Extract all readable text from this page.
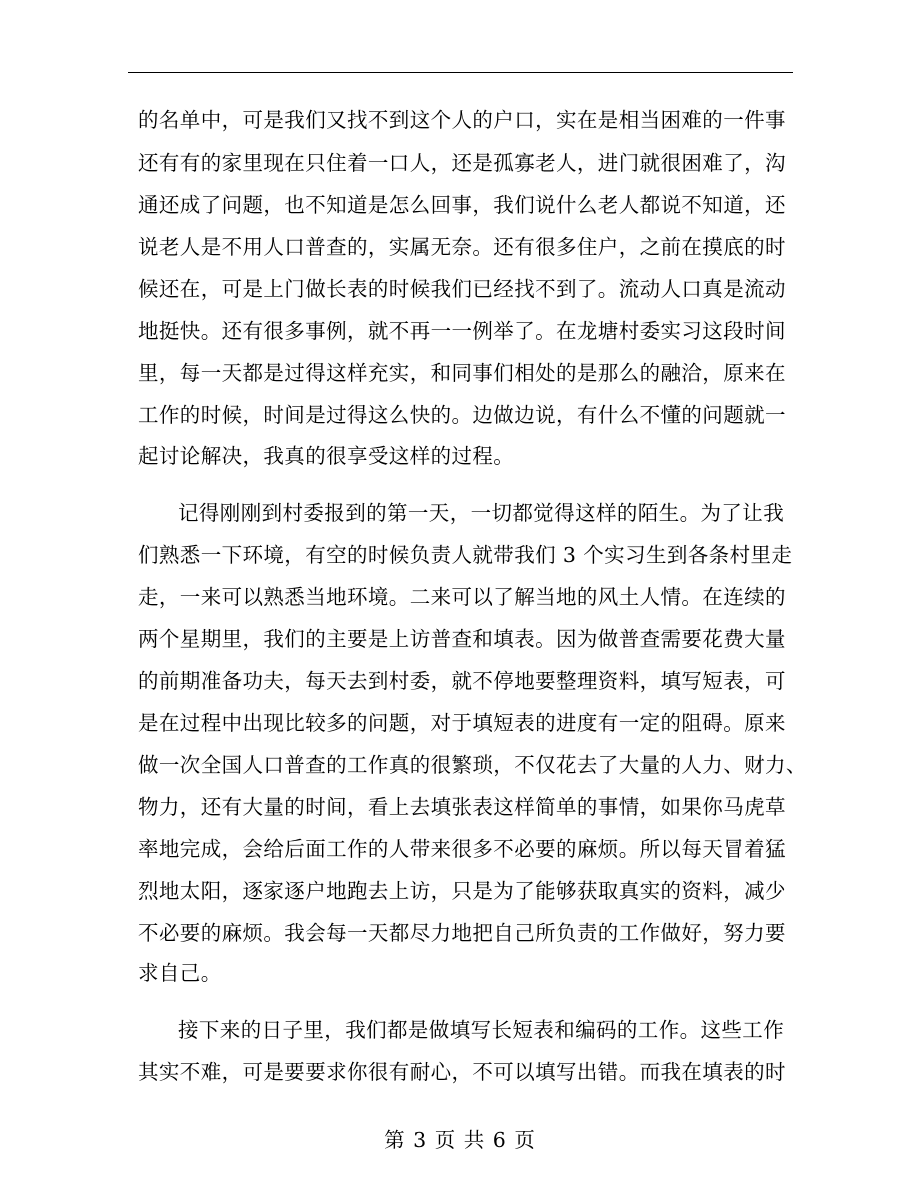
的名单中，可是我们又找不到这个人的户口，实在是相当困难的一件事
还有有的家里现在只住着一口人，还是孤寡老人，进门就很困难了，沟
通还成了问题，也不知道是怎么回事，我们说什么老人都说不知道，还
说老人是不用人口普查的，实属无奈。还有很多住户，之前在摸底的时
候还在，可是上门做长表的时候我们已经找不到了。流动人口真是流动
地挺快。还有很多事例，就不再一一例举了。在龙塘村委实习这段时间
里，每一天都是过得这样充实，和同事们相处的是那么的融洽，原来在
工作的时候，时间是过得这么快的。边做边说，有什么不懂的问题就一
起讨论解决，我真的很享受这样的过程。
记得刚刚到村委报到的第一天，一切都觉得这样的陌生。为了让我
们熟悉一下环境，有空的时候负责人就带我们 3 个实习生到各条村里走
走，一来可以熟悉当地环境。二来可以了解当地的风土人情。在连续的
两个星期里，我们的主要是上访普查和填表。因为做普查需要花费大量
的前期准备功夫，每天去到村委，就不停地要整理资料，填写短表，可
是在过程中出现比较多的问题，对于填短表的进度有一定的阻碍。原来
做一次全国人口普查的工作真的很繁琐，不仅花去了大量的人力、财力、
物力，还有大量的时间，看上去填张表这样简单的事情，如果你马虎草
率地完成，会给后面工作的人带来很多不必要的麻烦。所以每天冒着猛
烈地太阳，逐家逐户地跑去上访，只是为了能够获取真实的资料，减少
不必要的麻烦。我会每一天都尽力地把自己所负责的工作做好，努力要
求自己。
接下来的日子里，我们都是做填写长短表和编码的工作。这些工作
其实不难，可是要要求你很有耐心，不可以填写出错。而我在填表的时
第 3 页 共 6 页
